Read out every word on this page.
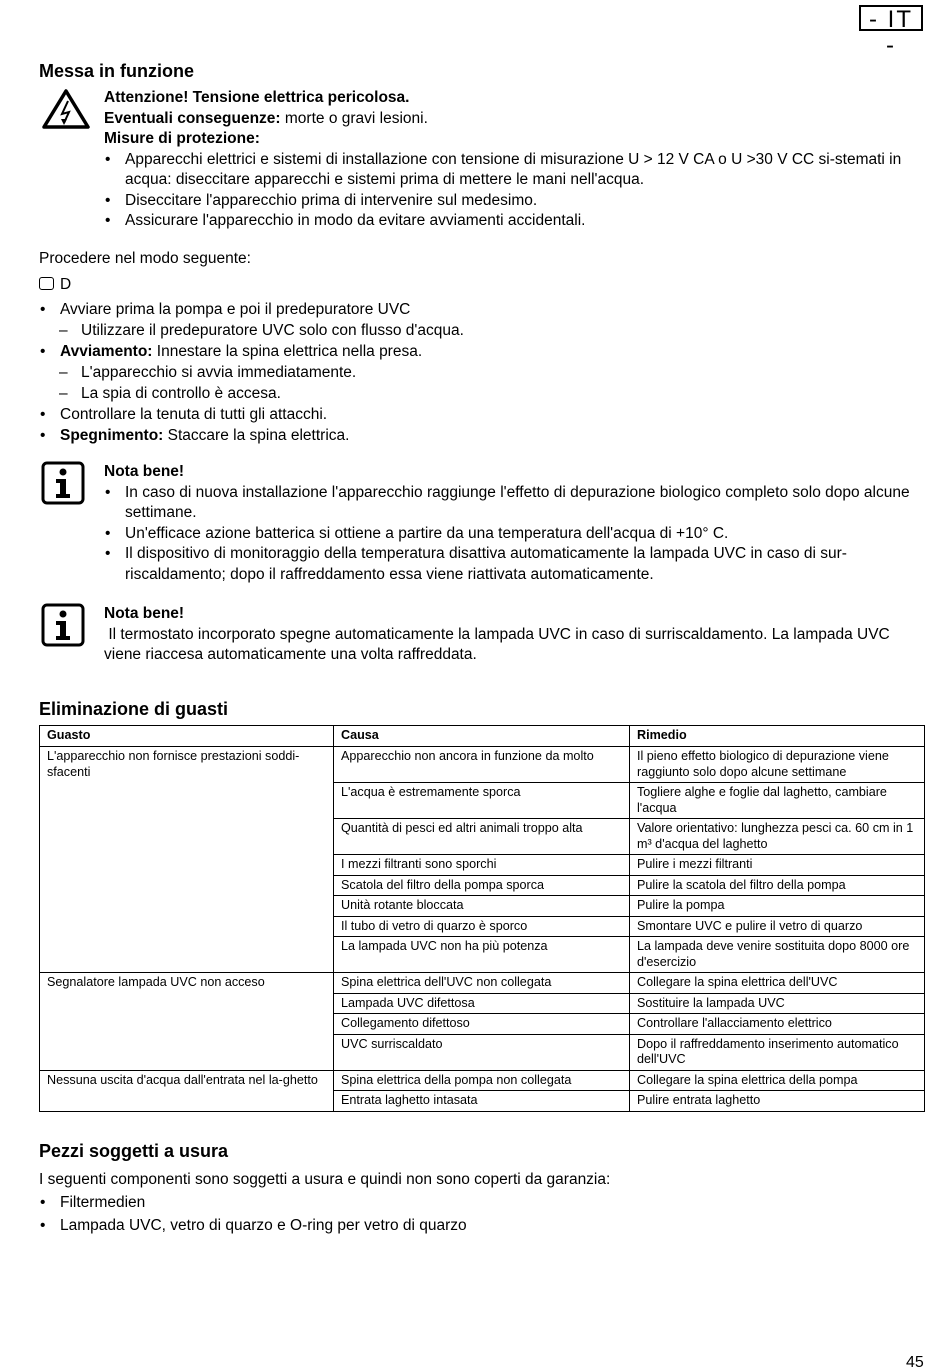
- IT -
Messa in funzione
Attenzione! Tensione elettrica pericolosa.
Eventuali conseguenze: morte o gravi lesioni.
Misure di protezione:
• Apparecchi elettrici e sistemi di installazione con tensione di misurazione U > 12 V CA o U >30 V CC si-stemati in acqua: diseccitare apparecchi e sistemi prima di mettere le mani nell'acqua.
• Diseccitare l'apparecchio prima di intervenire sul medesimo.
• Assicurare l'apparecchio in modo da evitare avviamenti accidentali.
Procedere nel modo seguente:
D
• Avviare prima la pompa e poi il predepuratore UVC
– Utilizzare il predepuratore UVC solo con flusso d'acqua.
• Avviamento: Innestare la spina elettrica nella presa.
– L'apparecchio si avvia immediatamente.
– La spia di controllo è accesa.
• Controllare la tenuta di tutti gli attacchi.
• Spegnimento: Staccare la spina elettrica.
Nota bene!
• In caso di nuova installazione l'apparecchio raggiunge l'effetto di depurazione biologico completo solo dopo alcune settimane.
• Un'efficace azione batterica si ottiene a partire da una temperatura dell'acqua di +10° C.
• Il dispositivo di monitoraggio della temperatura disattiva automaticamente la lampada UVC in caso di sur-riscaldamento; dopo il raffreddamento essa viene riattivata automaticamente.
Nota bene!
Il termostato incorporato spegne automaticamente la lampada UVC in caso di surriscaldamento. La lampada UVC viene riaccesa automaticamente una volta raffreddata.
Eliminazione di guasti
Guasto	Causa	Rimedio
L'apparecchio non fornisce prestazioni soddi-sfacenti	Apparecchio non ancora in funzione da molto	Il pieno effetto biologico di depurazione viene raggiunto solo dopo alcune settimane
	L'acqua è estremamente sporca	Togliere alghe e foglie dal laghetto, cambiare l'acqua
	Quantità di pesci ed altri animali troppo alta	Valore orientativo: lunghezza pesci ca. 60 cm in 1 m³ d'acqua del laghetto
	I mezzi filtranti sono sporchi	Pulire i mezzi filtranti
	Scatola del filtro della pompa sporca	Pulire la scatola del filtro della pompa
	Unità rotante bloccata	Pulire la pompa
	Il tubo di vetro di quarzo è sporco	Smontare UVC e pulire il vetro di quarzo
	La lampada UVC non ha più potenza	La lampada deve venire sostituita dopo 8000 ore d'esercizio
Segnalatore lampada UVC non acceso	Spina elettrica dell'UVC non collegata	Collegare la spina elettrica dell'UVC
	Lampada UVC difettosa	Sostituire la lampada UVC
	Collegamento difettoso	Controllare l'allacciamento elettrico
	UVC surriscaldato	Dopo il raffreddamento inserimento automatico dell'UVC
Nessuna uscita d'acqua dall'entrata nel la-ghetto	Spina elettrica della pompa non collegata	Collegare la spina elettrica della pompa
	Entrata laghetto intasata	Pulire entrata laghetto
Pezzi soggetti a usura
I seguenti componenti sono soggetti a usura e quindi non sono coperti da garanzia:
• Filtermedien
• Lampada UVC, vetro di quarzo e O-ring per vetro di quarzo
45
